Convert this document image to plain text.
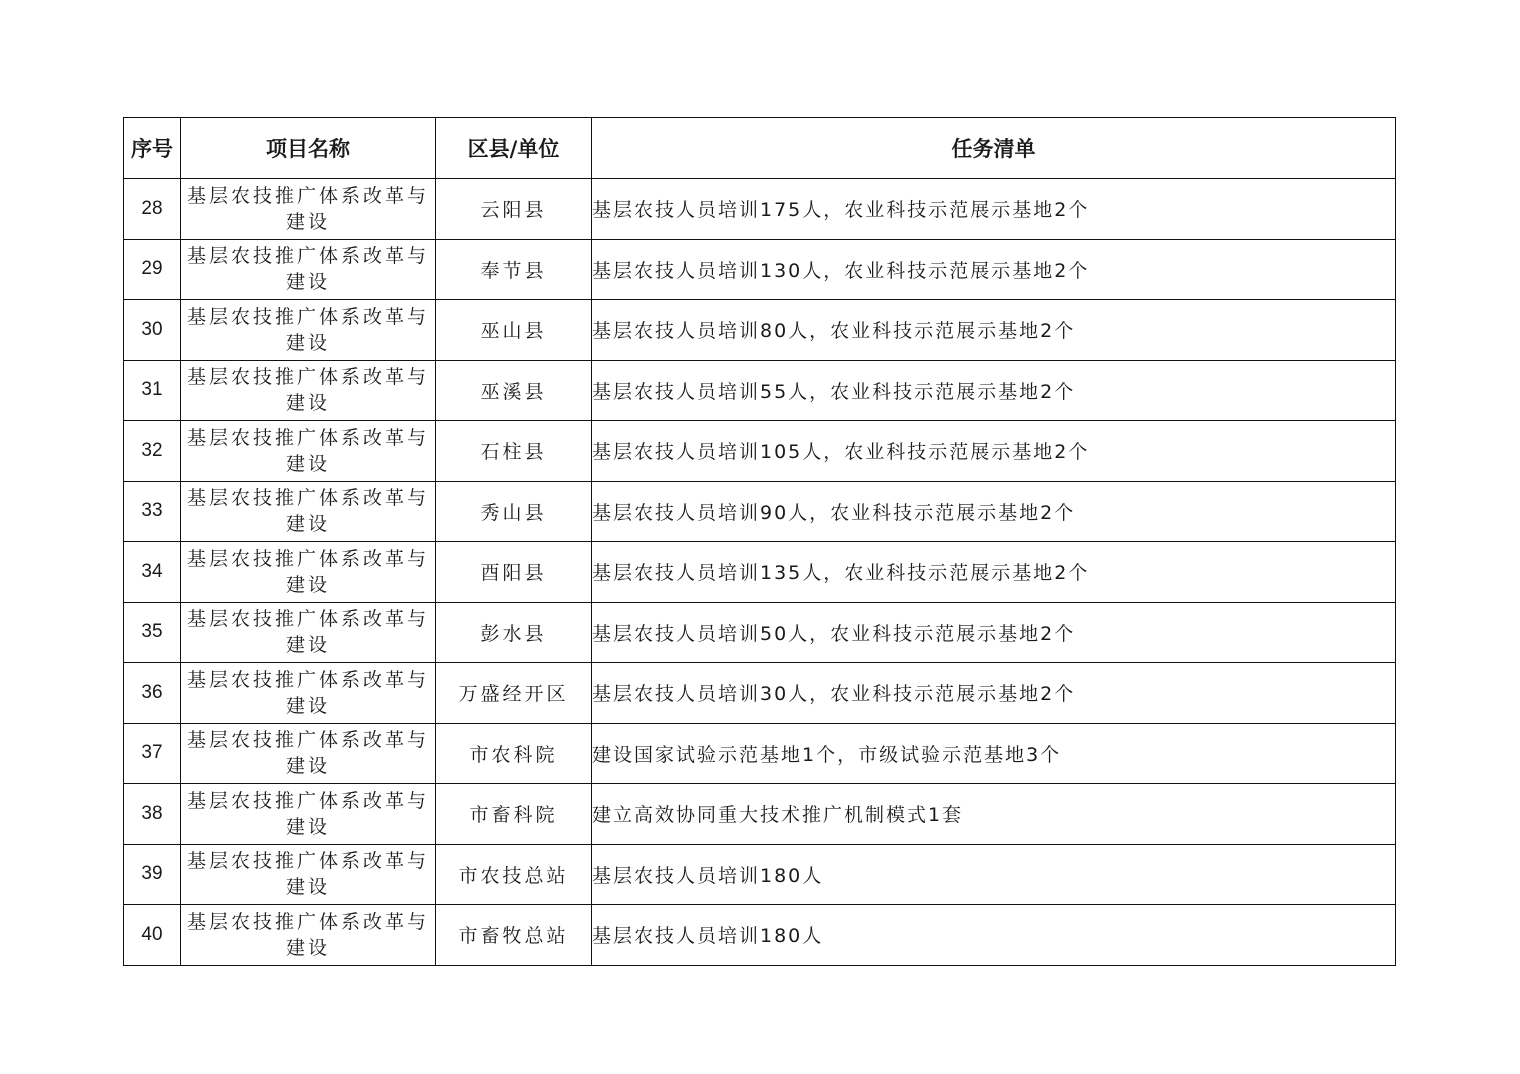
序号	项目名称	区县/单位	任务清单
28	基层农技推广体系改革与建设	云阳县	基层农技人员培训175人，农业科技示范展示基地2个
29	基层农技推广体系改革与建设	奉节县	基层农技人员培训130人，农业科技示范展示基地2个
30	基层农技推广体系改革与建设	巫山县	基层农技人员培训80人，农业科技示范展示基地2个
31	基层农技推广体系改革与建设	巫溪县	基层农技人员培训55人，农业科技示范展示基地2个
32	基层农技推广体系改革与建设	石柱县	基层农技人员培训105人，农业科技示范展示基地2个
33	基层农技推广体系改革与建设	秀山县	基层农技人员培训90人，农业科技示范展示基地2个
34	基层农技推广体系改革与建设	酉阳县	基层农技人员培训135人，农业科技示范展示基地2个
35	基层农技推广体系改革与建设	彭水县	基层农技人员培训50人，农业科技示范展示基地2个
36	基层农技推广体系改革与建设	万盛经开区	基层农技人员培训30人，农业科技示范展示基地2个
37	基层农技推广体系改革与建设	市农科院	建设国家试验示范基地1个，市级试验示范基地3个
38	基层农技推广体系改革与建设	市畜科院	建立高效协同重大技术推广机制模式1套
39	基层农技推广体系改革与建设	市农技总站	基层农技人员培训180人
40	基层农技推广体系改革与建设	市畜牧总站	基层农技人员培训180人
